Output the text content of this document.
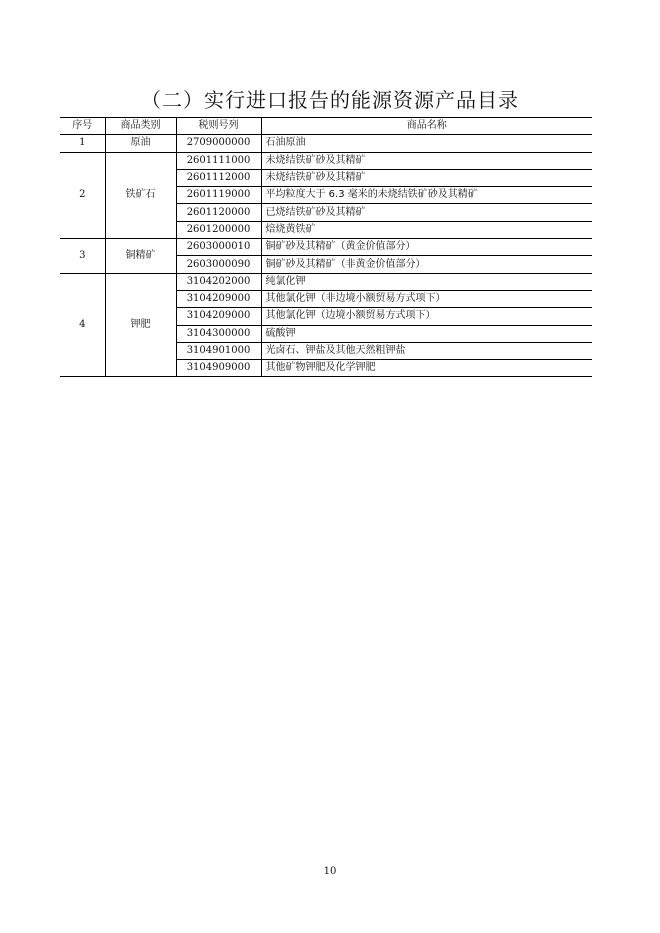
（二）实行进口报告的能源资源产品目录
序号	商品类别	税则号列	商品名称
1	原油	2709000000	石油原油
2	铁矿石	2601111000	未烧结铁矿砂及其精矿
		2601112000	未烧结铁矿砂及其精矿
		2601119000	平均粒度大于 6.3 毫米的未烧结铁矿砂及其精矿
		2601120000	已烧结铁矿砂及其精矿
		2601200000	焙烧黄铁矿
3	铜精矿	2603000010	铜矿砂及其精矿（黄金价值部分）
		2603000090	铜矿砂及其精矿（非黄金价值部分）
4	钾肥	3104202000	纯氯化钾
		3104209000	其他氯化钾（非边境小额贸易方式项下）
		3104209000	其他氯化钾（边境小额贸易方式项下）
		3104300000	硫酸钾
		3104901000	光卤石、钾盐及其他天然粗钾盐
		3104909000	其他矿物钾肥及化学钾肥
10
